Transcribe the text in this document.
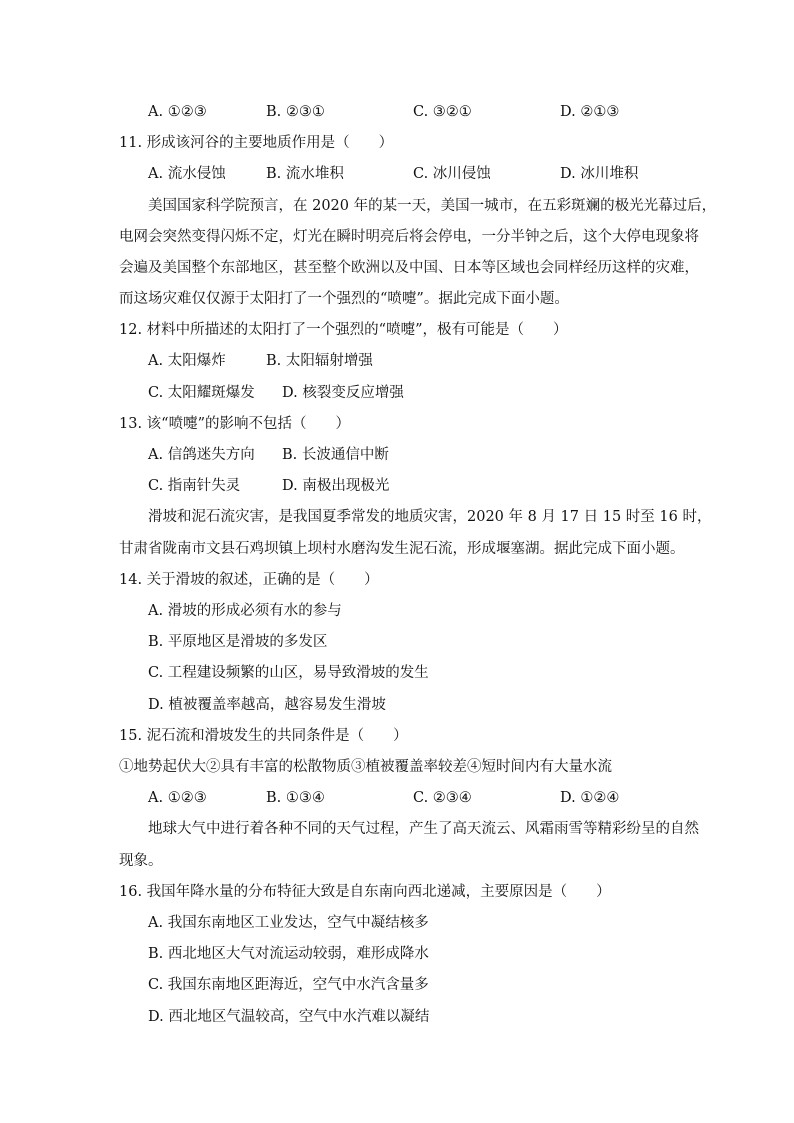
A. ①②③	B. ②③①	C. ③②①	D. ②①③
11. 形成该河谷的主要地质作用是（　　）
A. 流水侵蚀	B. 流水堆积	C. 冰川侵蚀	D. 冰川堆积
美国国家科学院预言，在 2020 年的某一天，美国一城市，在五彩斑斓的极光光幕过后，
电网会突然变得闪烁不定，灯光在瞬时明亮后将会停电，一分半钟之后，这个大停电现象将
会遍及美国整个东部地区，甚至整个欧洲以及中国、日本等区域也会同样经历这样的灾难，
而这场灾难仅仅源于太阳打了一个强烈的“喷嚏”。据此完成下面小题。
12. 材料中所描述的太阳打了一个强烈的“喷嚏”，极有可能是（　　）
A. 太阳爆炸	B. 太阳辐射增强
C. 太阳耀斑爆发 D. 核裂变反应增强
13. 该“喷嚏”的影响不包括（　　）
A. 信鸽迷失方向 B. 长波通信中断
C. 指南针失灵	D. 南极出现极光
滑坡和泥石流灾害，是我国夏季常发的地质灾害，2020 年 8 月 17 日 15 时至 16 时，
甘肃省陇南市文县石鸡坝镇上坝村水磨沟发生泥石流，形成堰塞湖。据此完成下面小题。
14. 关于滑坡的叙述，正确的是（　　）
A. 滑坡的形成必须有水的参与
B. 平原地区是滑坡的多发区
C. 工程建设频繁的山区，易导致滑坡的发生
D. 植被覆盖率越高，越容易发生滑坡
15. 泥石流和滑坡发生的共同条件是（　　）
①地势起伏大②具有丰富的松散物质③植被覆盖率较差④短时间内有大量水流
A. ①②③	B. ①③④	C. ②③④	D. ①②④
地球大气中进行着各种不同的天气过程，产生了高天流云、风霜雨雪等精彩纷呈的自然
现象。
16. 我国年降水量的分布特征大致是自东南向西北递减，主要原因是（　　）
A. 我国东南地区工业发达，空气中凝结核多
B. 西北地区大气对流运动较弱，难形成降水
C. 我国东南地区距海近，空气中水汽含量多
D. 西北地区气温较高，空气中水汽难以凝结
